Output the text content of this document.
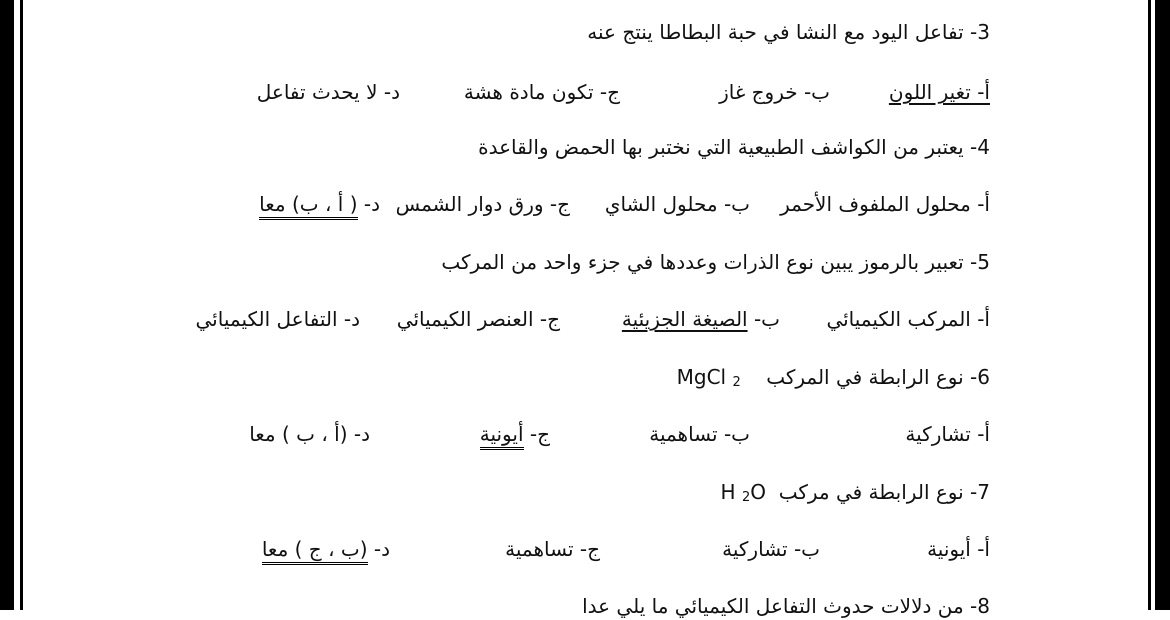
3- تفاعل اليود مع النشا في حبة البطاطا ينتج عنه
أ- تغير اللون
ب- خروج غاز
ج- تكون مادة هشة
د- لا يحدث تفاعل
4- يعتبر من الكواشف الطبيعية التي نختبر بها الحمض والقاعدة
أ- محلول الملفوف الأحمر
ب- محلول الشاي
ج- ورق دوار الشمس
د- ( أ ، ب) معا
5- تعبير بالرموز يبين نوع الذرات وعددها في جزء واحد من المركب
أ- المركب الكيميائي
ب- الصيغة الجزيئية
ج- العنصر الكيميائي
د- التفاعل الكيميائي
6- نوع الرابطة في المركب    MgCl 2
أ- تشاركية
ب- تساهمية
ج- أيونية
د- (أ ، ب ) معا
7- نوع الرابطة في مركب  H 2O
أ- أيونية
ب- تشاركية
ج- تساهمية
د- (ب ، ج ) معا
8- من دلالات حدوث التفاعل الكيميائي ما يلي عدا
